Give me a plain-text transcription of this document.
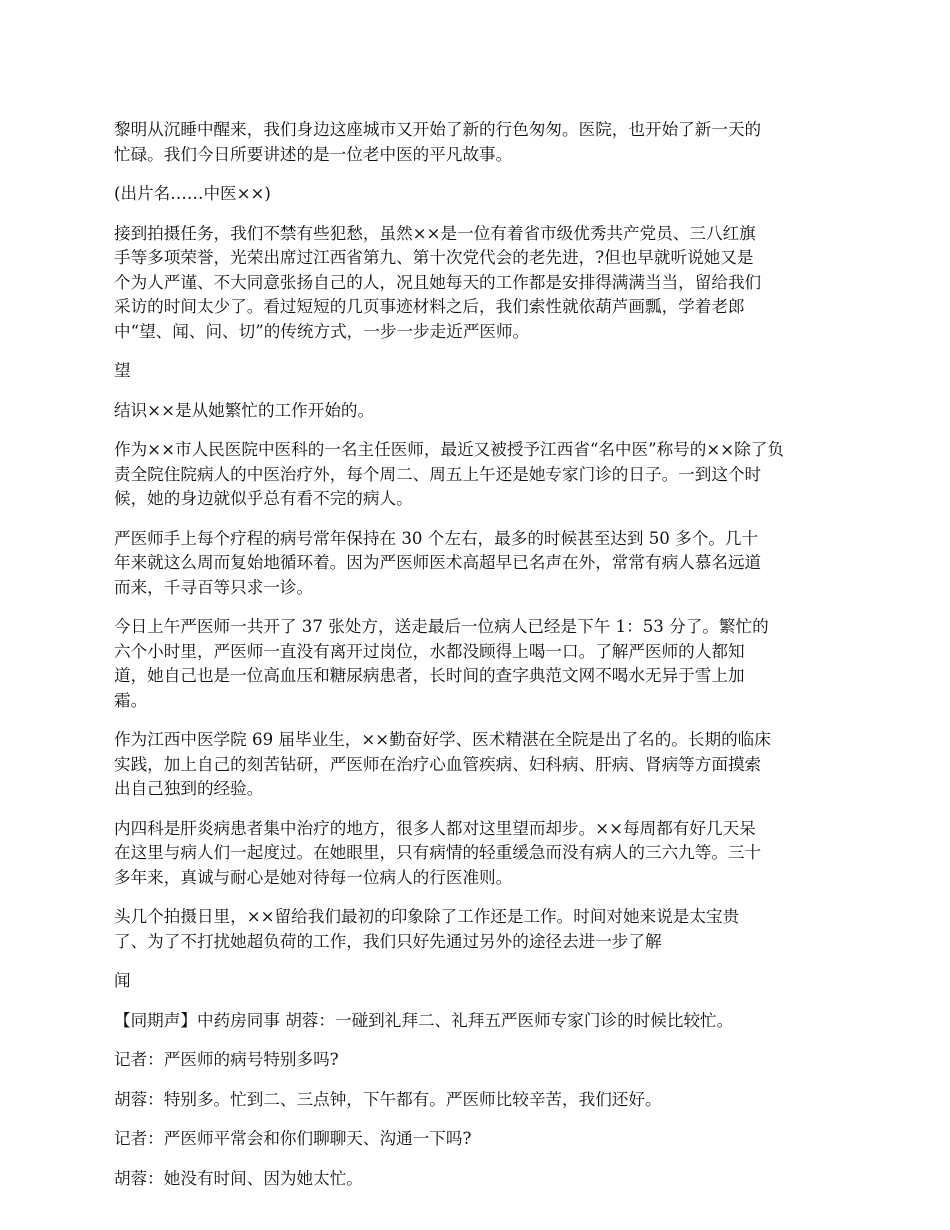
黎明从沉睡中醒来，我们身边这座城市又开始了新的行色匆匆。医院，也开始了新一天的
忙碌。我们今日所要讲述的是一位老中医的平凡故事。

(出片名……中医××)

接到拍摄任务，我们不禁有些犯愁，虽然××是一位有着省市级优秀共产党员、三八红旗
手等多项荣誉，光荣出席过江西省第九、第十次党代会的老先进，?但也早就听说她又是
个为人严谨、不大同意张扬自己的人，况且她每天的工作都是安排得满满当当，留给我们
采访的时间太少了。看过短短的几页事迹材料之后，我们索性就依葫芦画瓢，学着老郎
中“望、闻、问、切”的传统方式，一步一步走近严医师。

望

结识××是从她繁忙的工作开始的。

作为××市人民医院中医科的一名主任医师，最近又被授予江西省“名中医”称号的××除了负
责全院住院病人的中医治疗外，每个周二、周五上午还是她专家门诊的日子。一到这个时
候，她的身边就似乎总有看不完的病人。

严医师手上每个疗程的病号常年保持在 30 个左右，最多的时候甚至达到 50 多个。几十
年来就这么周而复始地循环着。因为严医师医术高超早已名声在外，常常有病人慕名远道
而来，千寻百等只求一诊。

今日上午严医师一共开了 37 张处方，送走最后一位病人已经是下午 1：53 分了。繁忙的
六个小时里，严医师一直没有离开过岗位，水都没顾得上喝一口。了解严医师的人都知
道，她自己也是一位高血压和糖尿病患者，长时间的查字典范文网不喝水无异于雪上加
霜。

作为江西中医学院 69 届毕业生，××勤奋好学、医术精湛在全院是出了名的。长期的临床
实践，加上自己的刻苦钻研，严医师在治疗心血管疾病、妇科病、肝病、肾病等方面摸索
出自己独到的经验。

内四科是肝炎病患者集中治疗的地方，很多人都对这里望而却步。××每周都有好几天呆
在这里与病人们一起度过。在她眼里，只有病情的轻重缓急而没有病人的三六九等。三十
多年来，真诚与耐心是她对待每一位病人的行医准则。

头几个拍摄日里，××留给我们最初的印象除了工作还是工作。时间对她来说是太宝贵
了、为了不打扰她超负荷的工作，我们只好先通过另外的途径去进一步了解

闻

【同期声】中药房同事 胡蓉：一碰到礼拜二、礼拜五严医师专家门诊的时候比较忙。

记者：严医师的病号特别多吗?

胡蓉：特别多。忙到二、三点钟，下午都有。严医师比较辛苦，我们还好。

记者：严医师平常会和你们聊聊天、沟通一下吗?

胡蓉：她没有时间、因为她太忙。
